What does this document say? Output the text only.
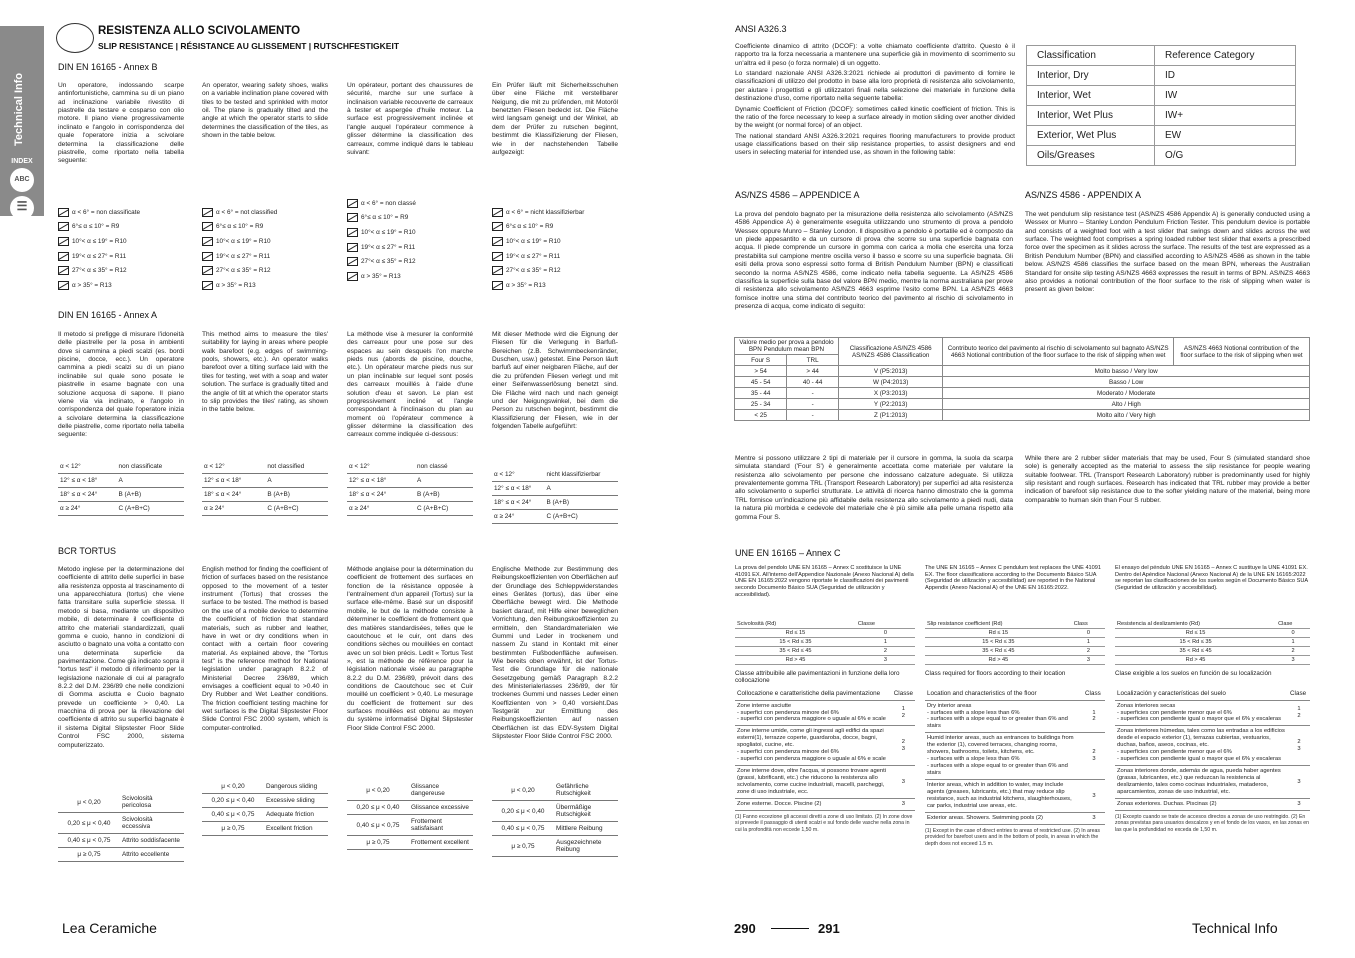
Technical Info
INDEX
ABC
☰
RESISTENZA ALLO SCIVOLAMENTO
SLIP RESISTANCE | RÉSISTANCE AU GLISSEMENT | RUTSCHFESTIGKEIT
DIN EN 16165 - Annex B
Un operatore, indossando scarpe antinfortunistiche, cammina su di un piano ad inclinazione variabile rivestito di piastrelle da testare e cosparso con olio motore. Il piano viene progressivamente inclinato e l'angolo in corrispondenza del quale l'operatore inizia a scivolare determina la classificazione delle piastrelle, come riportato nella tabella seguente:
An operator, wearing safety shoes, walks on a variable inclination plane covered with tiles to be tested and sprinkled with motor oil. The plane is gradually tilted and the angle at which the operator starts to slide determines the classification of the tiles, as shown in the table below.
Un opérateur, portant des chaussures de sécurité, marche sur une surface à inclinaison variable recouverte de carreaux à tester et aspergée d'huile moteur. La surface est progressivement inclinée et l'angle auquel l'opérateur commence à glisser détermine la classification des carreaux, comme indiqué dans le tableau suivant:
Ein Prüfer läuft mit Sicherheitsschuhen über eine Fläche mit verstellbarer Neigung, die mit zu prüfenden, mit Motoröl benetzten Fliesen bedeckt ist. Die Fläche wird langsam geneigt und der Winkel, ab dem der Prüfer zu rutschen beginnt, bestimmt die Klassifizierung der Fliesen, wie in der nachstehenden Tabelle aufgezeigt:
α < 6° = non classificate
6°≤ α ≤ 10° = R9
10°< α ≤ 19° = R10
19°< α ≤ 27° = R11
27°< α ≤ 35° = R12
α > 35° = R13
α < 6° = not classified
6°≤ α ≤ 10° = R9
10°< α ≤ 19° = R10
19°< α ≤ 27° = R11
27°< α ≤ 35° = R12
α > 35° = R13
α < 6° = non classé
6°≤ α ≤ 10° = R9
10°< α ≤ 19° = R10
19°< α ≤ 27° = R11
27°< α ≤ 35° = R12
α > 35° = R13
α < 6° = nicht klassifizierbar
6°≤ α ≤ 10° = R9
10°< α ≤ 19° = R10
19°< α ≤ 27° = R11
27°< α ≤ 35° = R12
α > 35° = R13
DIN EN 16165 - Annex A
Il metodo si prefigge di misurare l'idoneità delle piastrelle per la posa in ambienti dove si cammina a piedi scalzi (es. bordi piscine, docce, ecc.). Un operatore cammina a piedi scalzi su di un piano inclinabile sul quale sono posate le piastrelle in esame bagnate con una soluzione acquosa di sapone. Il piano viene via via inclinato, e l'angolo in corrispondenza del quale l'operatore inizia a scivolare determina la classificazione delle piastrelle, come riportato nella tabella seguente:
This method aims to measure the tiles' suitability for laying in areas where people walk barefoot (e.g. edges of swimming-pools, showers, etc.). An operator walks barefoot over a tilting surface laid with the tiles for testing, wet with a soap and water solution. The surface is gradually tilted and the angle of tilt at which the operator starts to slip provides the tiles' rating, as shown in the table below.
La méthode vise à mesurer la conformité des carreaux pour une pose sur des espaces au sein desquels l'on marche pieds nus (abords de piscine, douche, etc.). Un opérateur marche pieds nus sur un plan inclinable sur lequel sont posés des carreaux mouillés à l'aide d'une solution d'eau et savon. Le plan est progressivement incliné et l'angle correspondant à l'inclinaison du plan au moment où l'opérateur commence à glisser détermine la classification des carreaux comme indiquée ci-dessous:
Mit dieser Methode wird die Eignung der Fliesen für die Verlegung in Barfuß-Bereichen (z.B. Schwimmbeckenränder, Duschen, usw.) getestet. Eine Person läuft barfuß auf einer neigbaren Fläche, auf der die zu prüfenden Fliesen verlegt und mit einer Seifenwasserlösung benetzt sind. Die Fläche wird nach und nach geneigt und der Neigungswinkel, bei dem die Person zu rutschen beginnt, bestimmt die Klassifizierung der Fliesen, wie in der folgenden Tabelle aufgeführt:
α < 12°	non classificate
12° ≤ α < 18°	A
18° ≤ α < 24°	B (A+B)
α ≥ 24°	C (A+B+C)
α < 12°	not classified
12° ≤ α < 18°	A
18° ≤ α < 24°	B (A+B)
α ≥ 24°	C (A+B+C)
α < 12°	non classé
12° ≤ α < 18°	A
18° ≤ α < 24°	B (A+B)
α ≥ 24°	C (A+B+C)
α < 12°	nicht klassifizierbar
12° ≤ α < 18°	A
18° ≤ α < 24°	B (A+B)
α ≥ 24°	C (A+B+C)
BCR TORTUS
Metodo inglese per la determinazione del coefficiente di attrito delle superfici in base alla resistenza opposta al trascinamento di una apparecchiatura (tortus) che viene fatta transitare sulla superficie stessa. Il metodo si basa, mediante un dispositivo mobile, di determinare il coefficiente di attrito che materiali standardizzati, quali gomma e cuoio, hanno in condizioni di asciutto o bagnato una volta a contatto con una determinata superficie da pavimentazione. Come già indicato sopra il "tortus test" il metodo di riferimento per la legislazione nazionale di cui al paragrafo 8.2.2 del D.M. 236/89 che nelle condizioni di Gomma asciutta e Cuoio bagnato prevede un coefficiente > 0,40. La macchina di prova per la rilevazione del coefficiente di attrito su superfici bagnate è il sistema Digital Slipstester Floor Slide Control FSC 2000, sistema computerizzato.
English method for finding the coefficient of friction of surfaces based on the resistance opposed to the movement of a tester instrument (Tortus) that crosses the surface to be tested. The method is based on the use of a mobile device to determine the coefficient of friction that standard materials, such as rubber and leather, have in wet or dry conditions when in contact with a certain floor covering material. As explained above, the "Tortus test" is the reference method for National legislation under paragraph 8.2.2 of Ministerial Decree 236/89, which envisages a coefficient equal to >0.40 in Dry Rubber and Wet Leather conditions. The friction coefficient testing machine for wet surfaces is the Digital Slipstester Floor Slide Control FSC 2000 system, which is computer-controlled.
Méthode anglaise pour la détermination du coefficient de frottement des surfaces en fonction de la résistance opposée à l'entraînement d'un appareil (Tortus) sur la surface elle-même. Basé sur un dispositif mobile, le but de la méthode consiste à déterminer le coefficient de frottement que des matières standardisées, telles que le caoutchouc et le cuir, ont dans des conditions sèches ou mouillées en contact avec un sol bien précis. Ledit « Tortus Test », est la méthode de référence pour la législation nationale visée au paragraphe 8.2.2 du D.M. 236/89, prévoit dans des conditions de Caoutchouc sec et Cuir mouillé un coefficient > 0,40. Le mesurage du coefficient de frottement sur des surfaces mouillées est obtenu au moyen du système informatisé Digital Slipstester Floor Slide Control FSC 2000.
Englische Methode zur Bestimmung des Reibungskoeffizienten von Oberflächen auf der Grundlage des Schleppwiderstandes eines Gerätes (tortus), das über eine Oberfläche bewegt wird. Die Methode basiert darauf, mit Hilfe einer beweglichen Vorrichtung, den Reibungskoeffizienten zu ermitteln, den Standardmaterialen wie Gummi und Leder in trockenem und nassem Zu stand in Kontakt mit einer bestimmten Fußbodenfläche aufweisen. Wie bereits oben erwähnt, ist der Tortus-Test die Grundlage für die nationale Gesetzgebung gemäß Paragraph 8.2.2 des Ministerialerlasses 236/89, der für trockenes Gummi und nasses Leder einen Koeffizienten von > 0,40 vorsieht.Das Testgerät zur Ermittlung des Reibungskoeffizienten auf nassen Oberflächen ist das EDV-System Digital Slipstester Floor Slide Control FSC 2000.
μ < 0,20	Scivolosità pericolosa
0,20 ≤ μ < 0,40	Scivolosità eccessiva
0,40 ≤ μ < 0,75	Attrito soddisfacente
μ ≥ 0,75	Attrito eccellente
μ < 0,20	Dangerous sliding
0,20 ≤ μ < 0,40	Excessive sliding
0,40 ≤ μ < 0,75	Adequate friction
μ ≥ 0,75	Excellent friction
μ < 0,20	Glissance dangereuse
0,20 ≤ μ < 0,40	Glissance excessive
0,40 ≤ μ < 0,75	Frottement satisfaisant
μ ≥ 0,75	Frottement excellent
μ < 0,20	Gefährliche Rutschigkeit
0,20 ≤ μ < 0,40	Übermäßige Rutschigkeit
0,40 ≤ μ < 0,75	Mittlere Reibung
μ ≥ 0,75	Ausgezeichnete Reibung
Lea Ceramiche
ANSI A326.3

Coefficiente dinamico di attrito (DCOF): a volte chiamato coefficiente d'attrito. Questo è il rapporto tra la forza necessaria a mantenere una superficie già in movimento di scorrimento su un'altra ed il peso (o forza normale) di un oggetto.

Lo standard nazionale ANSI A326.3:2021 richiede ai produttori di pavimento di fornire le classificazioni di utilizzo del prodotto in base alla loro proprietà di resistenza allo scivolamento, per aiutare i progettisti e gli utilizzatori finali nella selezione dei materiale in funzione della destinazione d'uso, come riportato nella seguente tabella:

Dynamic Coefficient of Friction (DCOF): sometimes called kinetic coefficient of friction. This is the ratio of the force necessary to keep a surface already in motion sliding over another divided by the weight (or normal force) of an object.

The national standard ANSI A326.3:2021 requires flooring manufacturers to provide product usage classifications based on their slip resistance properties, to assist designers and end users in selecting material for intended use, as shown in the following table:

Classification	Reference Category
Interior, Dry	ID
Interior, Wet	IW
Interior, Wet Plus	IW+
Exterior, Wet Plus	EW
Oils/Greases	O/G
AS/NZS 4586 – APPENDICE A	AS/NZS 4586 - APPENDIX A
La prova del pendolo bagnato per la misurazione della resistenza allo scivolamento (AS/NZS 4586 Appendice A) è generalmente eseguita utilizzando uno strumento di prova a pendolo Wessex oppure Munro – Stanley London. Il dispositivo a pendolo è portatile ed è composto da un piede appesantito e da un cursore di prova che scorre su una superficie bagnata con acqua. Il piede comprende un cursore in gomma con carica a molla che esercita una forza prestabilita sul campione mentre oscilla verso il basso e scorre su una superficie bagnata. Gli esiti della prova sono espressi sotto forma di British Pendulum Number (BPN) e classificati secondo la norma AS/NZS 4586, come indicato nella tabella seguente. La AS/NZS 4586 classifica la superficie sulla base del valore BPN medio, mentre la norma australiana per prove di resistenza allo scivolamento AS/NZS 4663 esprime l'esito come BPN. La AS/NZS 4663 fornisce inoltre una stima del contributo teorico del pavimento al rischio di scivolamento in presenza di acqua, come indicato di seguito:
The wet pendulum slip resistance test (AS/NZS 4586 Appendix A) is generally conducted using a Wessex or Munro – Stanley London Pendulum Friction Tester. This pendulum device is portable and consists of a weighted foot with a test slider that swings down and slides across the wet surface. The weighted foot comprises a spring loaded rubber test slider that exerts a prescribed force over the specimen as it slides across the surface. The results of the test are expressed as a British Pendulum Number (BPN) and classified according to AS/NZS 4586 as shown in the table below. AS/NZS 4586 classifies the surface based on the mean BPN, whereas the Australian Standard for onsite slip testing AS/NZS 4663 expresses the result in terms of BPN. AS/NZS 4663 also provides a notional contribution of the floor surface to the risk of slipping when water is present as given below:
Valore medio per prova a pendolo BPN Pendulum mean BPN		Classificazione AS/NZS 4586 AS/NZS 4586 Classification	Contributo teorico del pavimento al rischio di scivolamento sul bagnato AS/NZS 4663 Notional contribution of the floor surface to the risk of slipping when wet	AS/NZS 4663 Notional contribution of the floor surface to the risk of slipping when wet
Four S	TRL			
> 54	> 44	V (P5:2013)	Molto basso / Very low	
45 - 54	40 - 44	W (P4:2013)	Basso / Low	
35 - 44	-	X (P3:2013)	Moderato / Moderate	
25 - 34	-	Y (P2:2013)	Alto / High	
< 25	-	Z (P1:2013)	Molto alto / Very high	
Mentre si possono utilizzare 2 tipi di materiale per il cursore in gomma, la suola da scarpa simulata standard ('Four S') è generalmente accettata come materiale per valutare la resistenza allo scivolamento per persone che indossano calzature adeguate. Si utilizza prevalentemente gomma TRL (Transport Research Laboratory) per superfici ad alta resistenza allo scivolamento o superfici strutturate. Le attività di ricerca hanno dimostrato che la gomma TRL fornisce un'indicazione più affidabile della resistenza allo scivolamento a piedi nudi, data la natura più morbida e cedevole del materiale che è più simile alla pelle umana rispetto alla gomma Four S.
While there are 2 rubber slider materials that may be used, Four S (simulated standard shoe sole) is generally accepted as the material to assess the slip resistance for people wearing suitable footwear. TRL (Transport Research Laboratory) rubber is predominantly used for highly slip resistant and rough surfaces. Research has indicated that TRL rubber may provide a better indication of barefoot slip resistance due to the softer yielding nature of the material, being more comparable to human skin than Four S rubber.
UNE EN 16165 – Annex C
La prova del pendolo UNE EN 16165 – Annex C sostituisce la UNE 41091 EX. All'interno dell'Appendice Nazionale (Anexo Nacional A) della UNE EN 16165:2022 vengono riportate le classificazioni dei pavimenti secondo Documento Básico SUA (Seguridad de utilización y accesibilidad).
Scivolosità (Rd)	Classe
Rd ≤ 15	0
15 < Rd ≤ 35	1
35 < Rd ≤ 45	2
Rd > 45	3
Classe attribuibile alle pavimentazioni in funzione della loro collocazione
Collocazione e caratteristiche della pavimentazione	Classe
Zone interne asciutte
- superfici con pendenza minore del 6%
- superfici con pendenza maggiore o uguale al 6% e scale	1
2
Zone interne umide, come gli ingressi agli edifici da spazi esterni(1), terrazze coperte, guardaroba, docce, bagni, spogliatoi, cucine, etc.
- superfici con pendenza minore del 6%
- superfici con pendenza maggiore o uguale al 6% e scale	2
3
Zone interne dove, oltre l'acqua, si possono trovare agenti (grassi, lubrificanti, etc.) che riducono la resistenza allo scivolamento, come cucine industriali, macelli, parcheggi, zone di uso industriale, ecc.	3
Zone esterne. Docce. Piscine (2)	3
(1) Fanno eccezione gli accessi diretti a zone di uso limitato. (2) In zone dove si prevede il passaggio di utenti scalzi e sul fondo delle vasche nella zona in cui la profondità non eccede 1,50 m.
The UNE EN 16165 – Annex C pendulum test replaces the UNE 41091 EX. The floor classifications according to the Documento Básico SUA (Seguridad de utilización y accesibilidad) are reported in the National Appendix (Anexo Nacional A) of the UNE EN 16165:2022.
Slip resistance coefficient (Rd)	Class
Rd ≤ 15	0
15 < Rd ≤ 35	1
35 < Rd ≤ 45	2
Rd > 45	3
Class required for floors according to their location
Location and characteristics of the floor	Class
Dry interior areas
- surfaces with a slope less than 6%
- surfaces with a slope equal to or greater than 6% and stairs	1
2
Humid interior areas, such as entrances to buildings from the exterior (1), covered terraces, changing rooms, showers, bathrooms, toilets, kitchens, etc.
- surfaces with a slope less than 6%
- surfaces with a slope equal to or greater than 6% and stairs	2
3
Interior areas, which in addition to water, may include agents (greases, lubricants, etc.) that may reduce slip resistance, such as industrial kitchens, slaughterhouses, car parks, industrial use areas, etc.	3
Exterior areas. Showers. Swimming pools (2)	3
(1) Except in the case of direct entries to areas of restricted use. (2) In areas provided for barefoot users and in the bottom of pools, in areas in which the depth does not exceed 1.5 m.
El ensayo del péndulo UNE EN 16165 – Annex C sustituye la UNE 41091 EX. Dentro del Apéndice Nacional (Anexo Nacional A) de la UNE EN 16165:2022 se reportan las clasificaciones de los suelos según el Documento Básico SUA (Seguridad de utilización y accesibilidad).
Resistencia al deslizamiento (Rd)	Clase
Rd ≤ 15	0
15 < Rd ≤ 35	1
35 < Rd ≤ 45	2
Rd > 45	3
Clase exigible a los suelos en función de su localización
Localización y características del suelo	Clase
Zonas interiores secas
- superficies con pendiente menor que el 6%
- superficies con pendiente igual o mayor que el 6% y escaleras	1
2
Zonas interiores húmedas, tales como las entradas a los edificios desde el espacio exterior (1), terrazas cubiertas, vestuarios, duchas, baños, aseos, cocinas, etc.
- superficies con pendiente menor que el 6%
- superficies con pendiente igual o mayor que el 6% y escaleras	2
3
Zonas interiores donde, además de agua, pueda haber agentes (grasas, lubricantes, etc.) que reduzcan la resistencia al deslizamiento, tales como cocinas industriales, mataderos, aparcamientos, zonas de uso industrial, etc.	3
Zonas exteriores. Duchas. Piscinas (2)	3
(1) Excepto cuando se trate de accesos directos a zonas de uso restringido. (2) En zonas previstas para usuarios descalzos y en el fondo de los vasos, en las zonas en las que la profundidad no exceda de 1,50 m.
291	Technical Info
290
